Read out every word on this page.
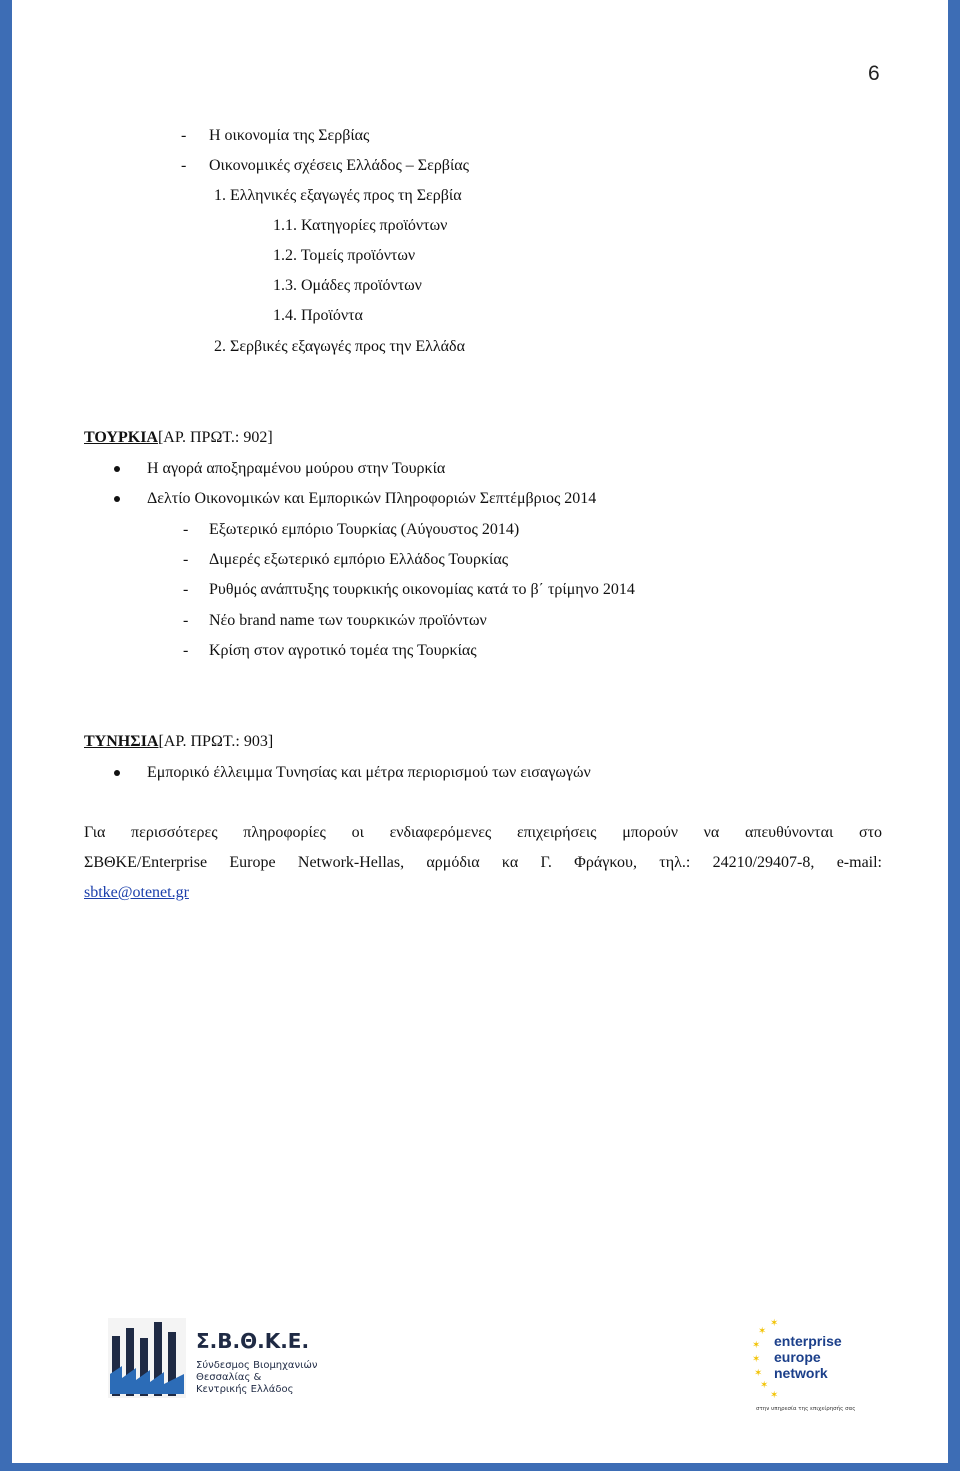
6
- Η οικονομία της Σερβίας
- Οικονομικές σχέσεις Ελλάδος – Σερβίας
1. Ελληνικές εξαγωγές προς τη Σερβία
1.1. Κατηγορίες προϊόντων
1.2. Τομείς προϊόντων
1.3. Ομάδες προϊόντων
1.4. Προϊόντα
2. Σερβικές εξαγωγές προς την Ελλάδα
ΤΟΥΡΚΙΑ[ΑΡ. ΠΡΩΤ.: 902]
Η αγορά αποξηραμένου μούρου στην Τουρκία
Δελτίο Οικονομικών και Εμπορικών Πληροφοριών Σεπτέμβριος 2014
- Εξωτερικό εμπόριο Τουρκίας (Αύγουστος 2014)
- Διμερές εξωτερικό εμπόριο Ελλάδος Τουρκίας
- Ρυθμός ανάπτυξης τουρκικής οικονομίας κατά το β΄ τρίμηνο 2014
- Νέο brand name των τουρκικών προϊόντων
- Κρίση στον αγροτικό τομέα της Τουρκίας
ΤΥΝΗΣΙΑ[ΑΡ. ΠΡΩΤ.: 903]
Εμπορικό έλλειμμα Τυνησίας και μέτρα περιορισμού των εισαγωγών
Για περισσότερες πληροφορίες οι ενδιαφερόμενες επιχειρήσεις μπορούν να απευθύνονται στο
ΣΒΘΚΕ/Enterprise Europe Network-Hellas, αρμόδια κα Γ. Φράγκου, τηλ.: 24210/29407-8, e-mail:
sbtke@otenet.gr
Σ.Β.Θ.Κ.Ε.
Σύνδεσμος Βιομηχανιών
Θεσσαλίας &
Κεντρικής Ελλάδος
✶
✶
✶
✶
✶
✶
✶
enterprise
europe
network
στην υπηρεσία της επιχείρησής σας
